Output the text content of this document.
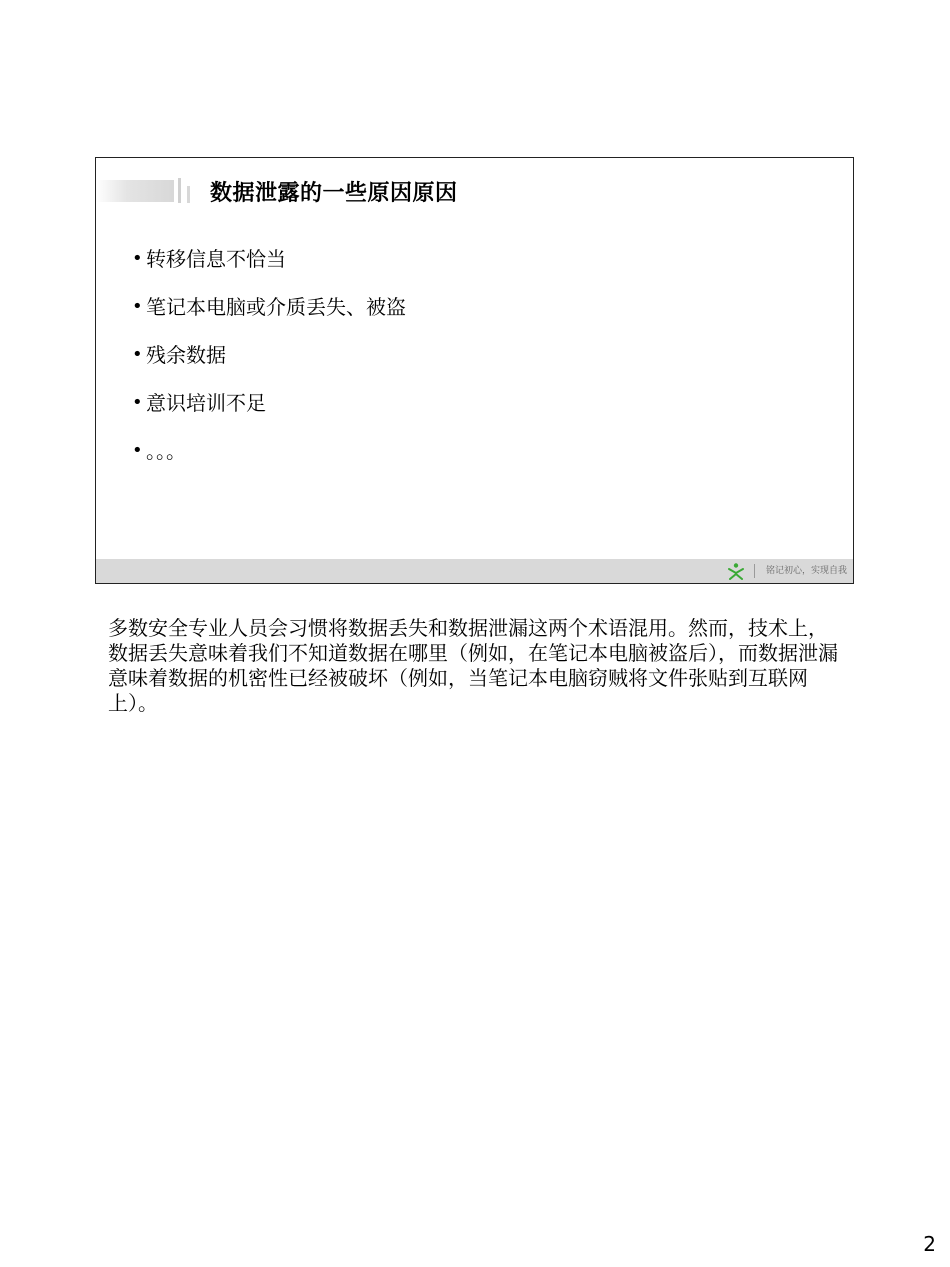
数据泄露的一些原因原因
• 转移信息不恰当
• 笔记本电脑或介质丢失、被盗
• 残余数据
• 意识培训不足
• 。。。
铭记初心，实现自我

多数安全专业人员会习惯将数据丢失和数据泄漏这两个术语混用。然而，技术上，数据丢失意味着我们不知道数据在哪里（例如，在笔记本电脑被盗后），而数据泄漏意味着数据的机密性已经被破坏（例如，当笔记本电脑窃贼将文件张贴到互联网上）。

2
